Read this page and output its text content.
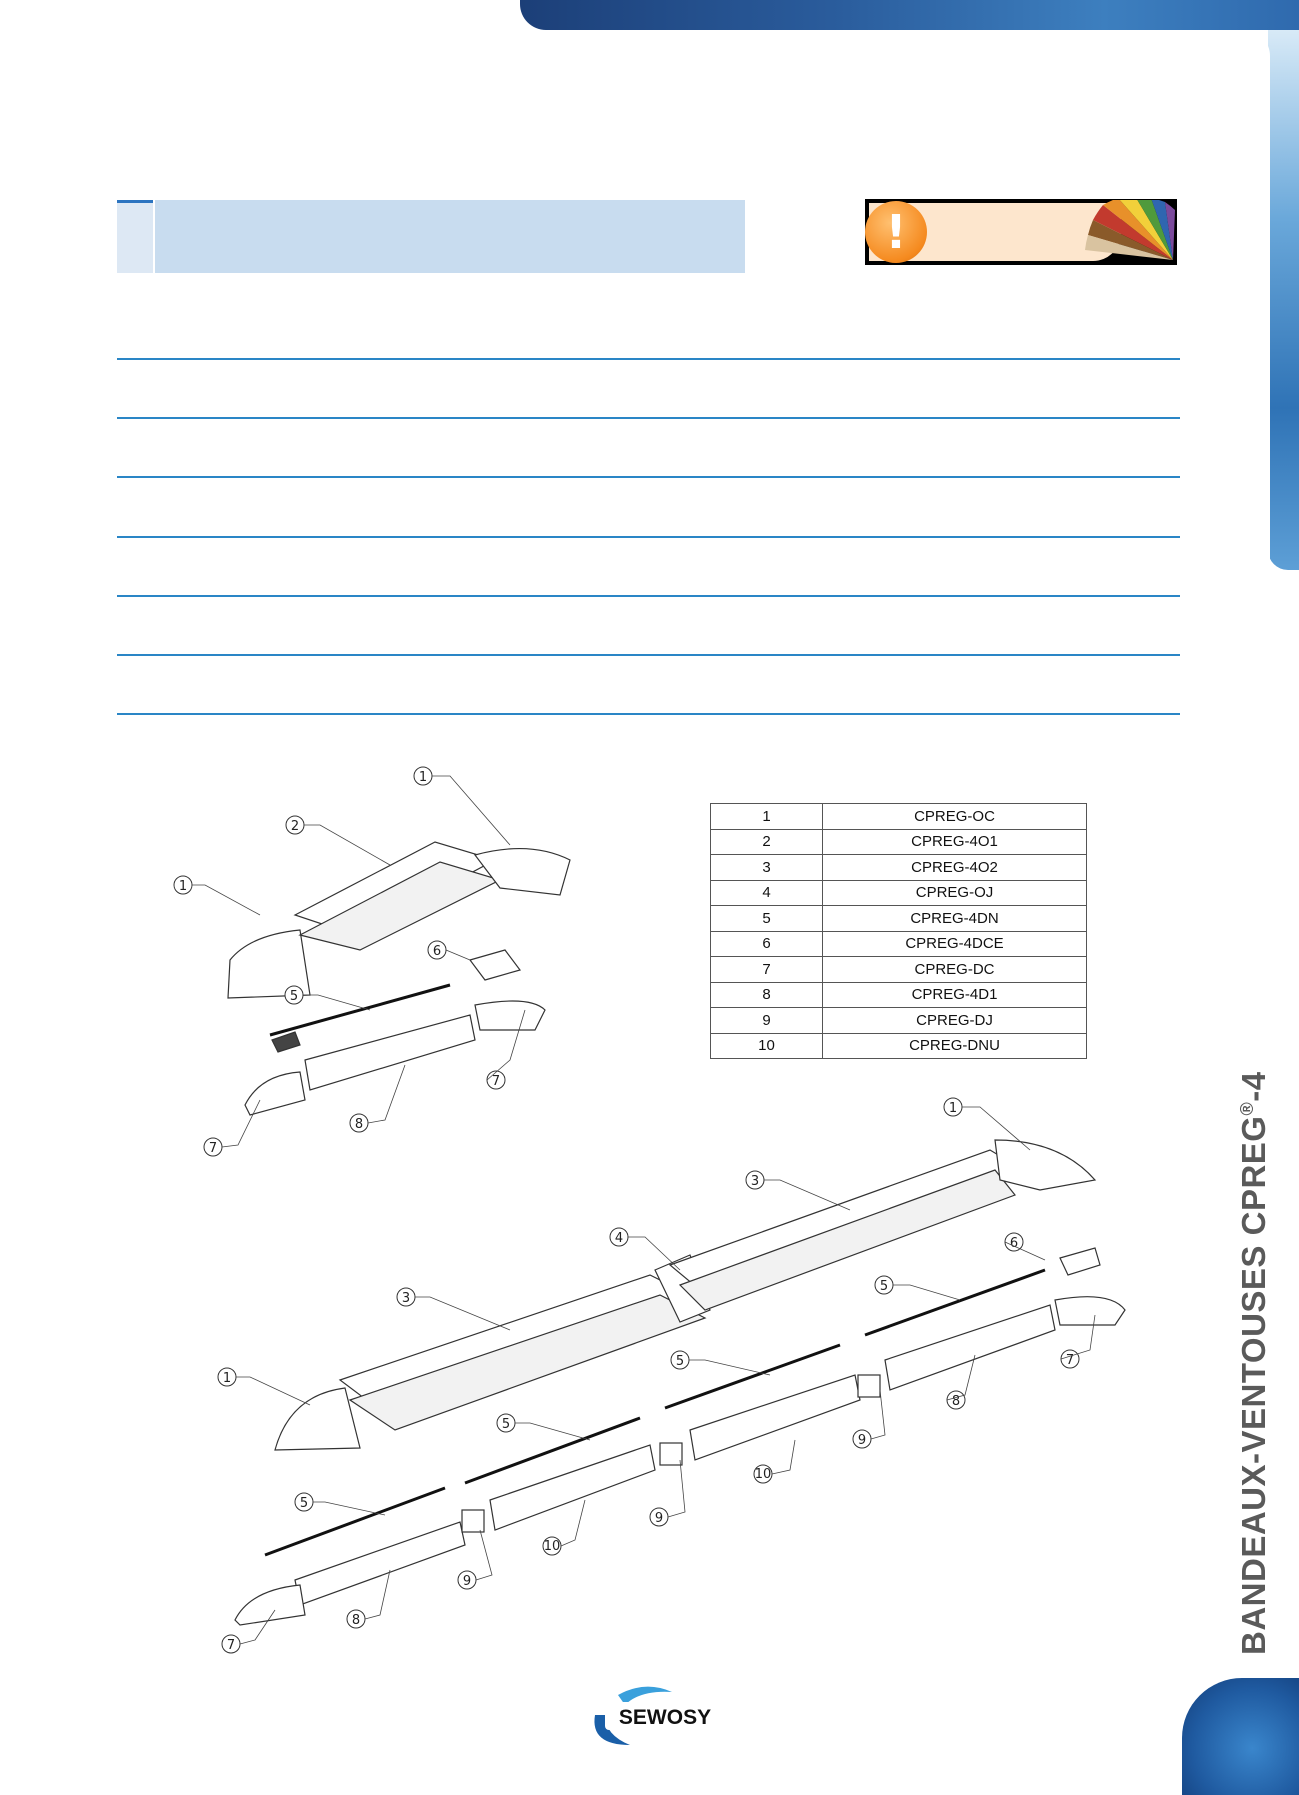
!
1	CPREG-OC
2	CPREG-4O1
3	CPREG-4O2
4	CPREG-OJ
5	CPREG-4DN
6	CPREG-4DCE
7	CPREG-DC
8	CPREG-4D1
9	CPREG-DJ
10	CPREG-DNU
1
2
1
6
5
7
8
7
1
3
6
4
3
5
1
5	7
5
8
9
10
5
9
10
9
8
7
SEWOSY
BANDEAUX-VENTOUSES CPREG®-4
